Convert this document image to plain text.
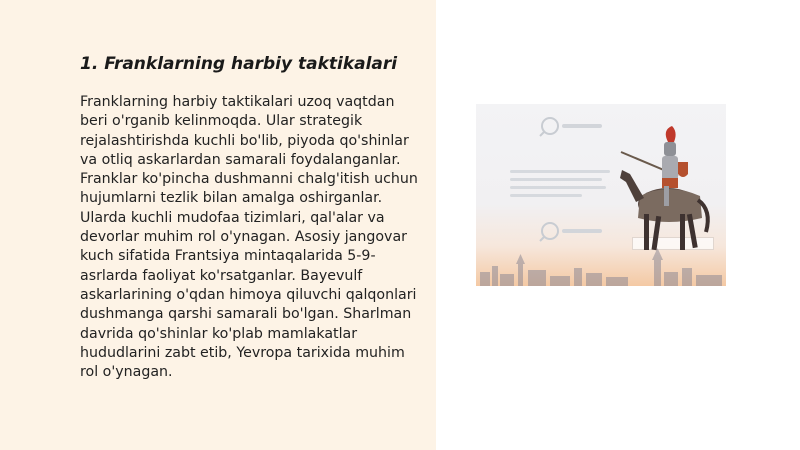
1. Franklarning harbiy taktikalari

Franklarning harbiy taktikalari uzoq vaqtdan beri o'rganib kelinmoqda. Ular strategik rejalashtirishda kuchli bo'lib, piyoda qo'shinlar va otliq askarlardan samarali foydalanganlar. Franklar ko'pincha dushmanni chalg'itish uchun hujumlarni tezlik bilan amalga oshirganlar. Ularda kuchli mudofaa tizimlari, qal'alar va devorlar muhim rol o'ynagan. Asosiy jangovar kuch sifatida Frantsiya mintaqalarida 5-9-asrlarda faoliyat ko'rsatganlar. Bayevulf askarlarining o'qdan himoya qiluvchi qalqonlari dushmanga qarshi samarali bo'lgan. Sharlman davrida qo'shinlar ko'plab mamlakatlar hududlarini zabt etib, Yevropa tarixida muhim rol o'ynagan.
